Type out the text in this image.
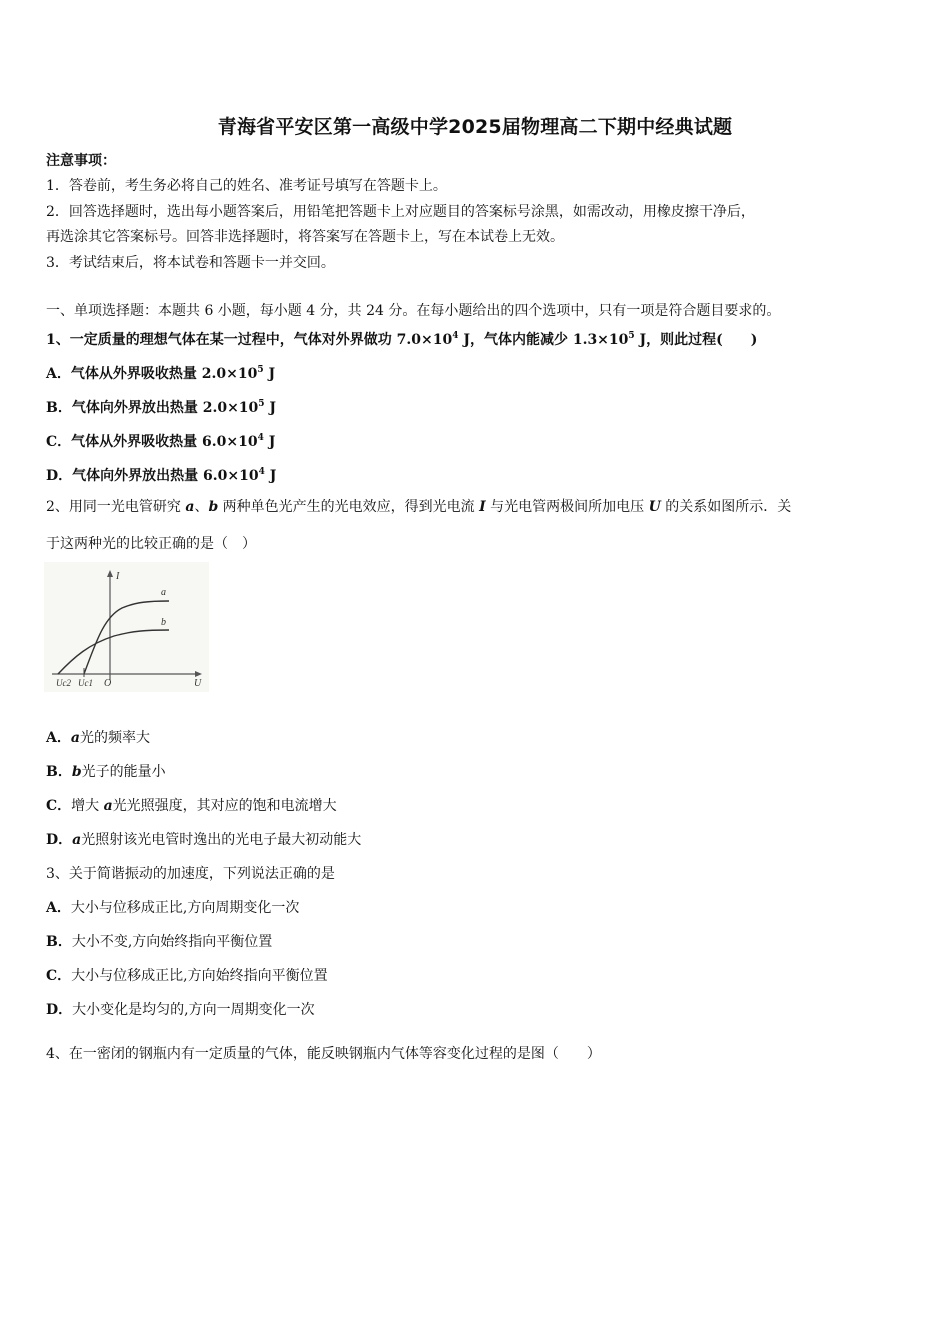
青海省平安区第一高级中学2025届物理高二下期中经典试题
注意事项：
1．答卷前，考生务必将自己的姓名、准考证号填写在答题卡上。
2．回答选择题时，选出每小题答案后，用铅笔把答题卡上对应题目的答案标号涂黑，如需改动，用橡皮擦干净后，
再选涂其它答案标号。回答非选择题时，将答案写在答题卡上，写在本试卷上无效。
3．考试结束后，将本试卷和答题卡一并交回。
一、单项选择题：本题共 6 小题，每小题 4 分，共 24 分。在每小题给出的四个选项中，只有一项是符合题目要求的。
1、一定质量的理想气体在某一过程中，气体对外界做功 $7.0\times 10^4$ J，气体内能减少 $1.3\times 10^5$ J，则此过程(　　)
A．气体从外界吸收热量 $2.0\times 10^5$ J
B．气体向外界放出热量 $2.0\times 10^5$ J
C．气体从外界吸收热量 $6.0\times 10^4$ J
D．气体向外界放出热量 $6.0\times 10^4$ J
2、用同一光电管研究 a、b 两种单色光产生的光电效应，得到光电流 I 与光电管两极间所加电压 U 的关系如图所示．关
于这两种光的比较正确的是（　）
Uc2 Uc1 O	U
I
a
b
A．a光的频率大
B．b光子的能量小
C．增大 a光光照强度，其对应的饱和电流增大
D．a光照射该光电管时逸出的光电子最大初动能大
3、关于简谐振动的加速度，下列说法正确的是
A．大小与位移成正比,方向周期变化一次
B．大小不变,方向始终指向平衡位置
C．大小与位移成正比,方向始终指向平衡位置
D．大小变化是均匀的,方向一周期变化一次
4、在一密闭的钢瓶内有一定质量的气体，能反映钢瓶内气体等容变化过程的是图（　　）
